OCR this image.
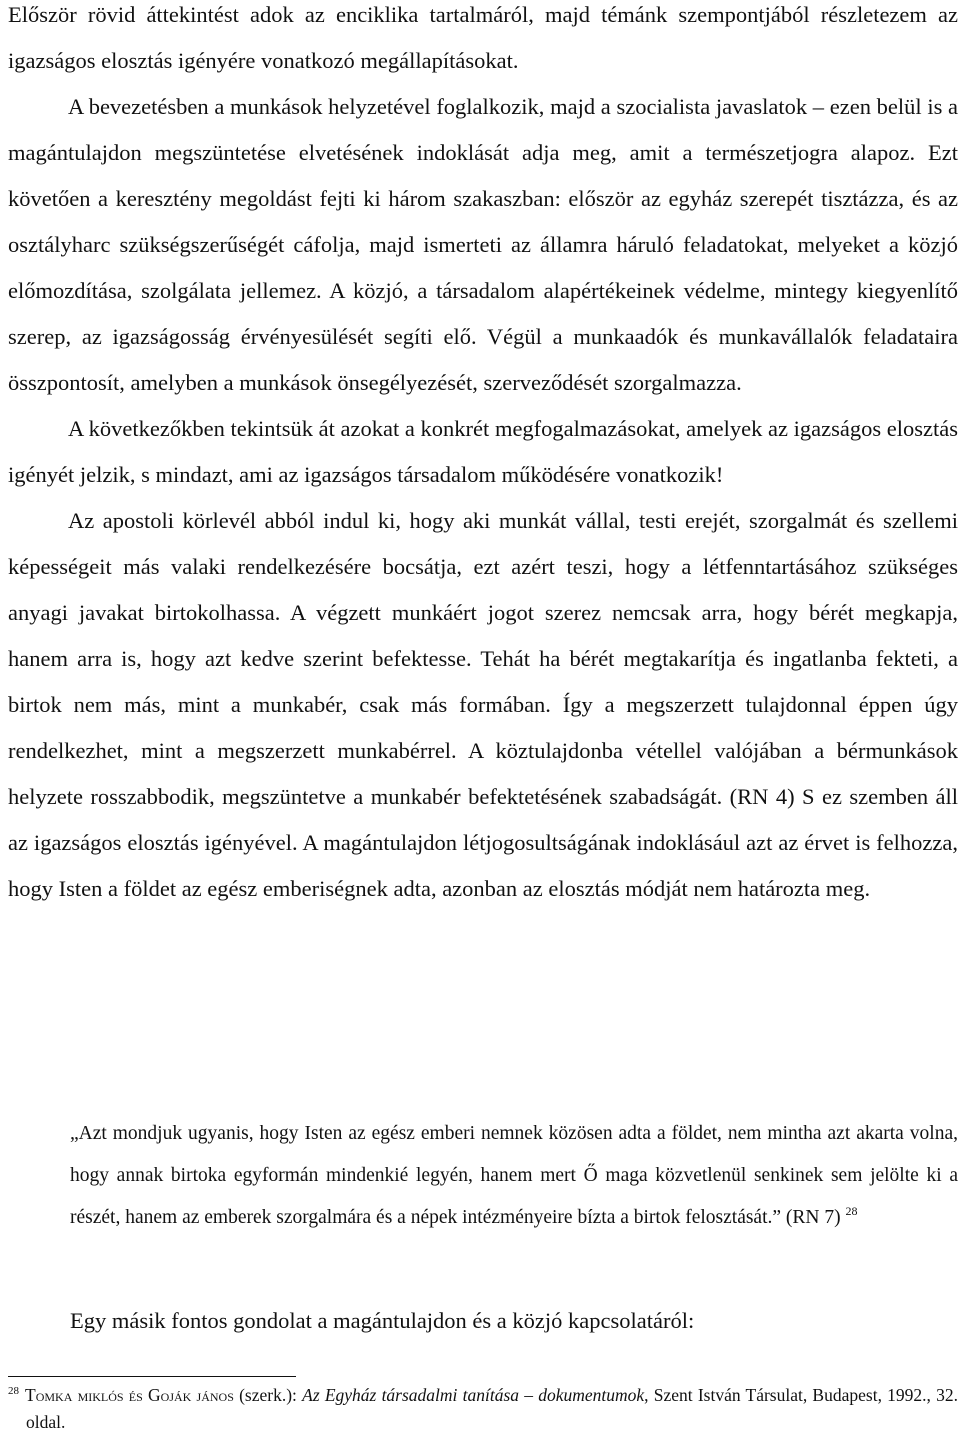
Először rövid áttekintést adok az enciklika tartalmáról, majd témánk szempontjából részletezem az igazságos elosztás igényére vonatkozó megállapításokat.

A bevezetésben a munkások helyzetével foglalkozik, majd a szocialista javaslatok – ezen belül is a magántulajdon megszüntetése elvetésének indoklását adja meg, amit a természetjogra alapoz. Ezt követően a keresztény megoldást fejti ki három szakaszban: először az egyház szerepét tisztázza, és az osztályharc szükségszerűségét cáfolja, majd ismerteti az államra háruló feladatokat, melyeket a közjó előmozdítása, szolgálata jellemez. A közjó, a társadalom alapértékeinek védelme, mintegy kiegyenlítő szerep, az igazságosság érvényesülését segíti elő. Végül a munkaadók és munkavállalók feladataira összpontosít, amelyben a munkások önsegélyezését, szerveződését szorgalmazza.

A következőkben tekintsük át azokat a konkrét megfogalmazásokat, amelyek az igazságos elosztás igényét jelzik, s mindazt, ami az igazságos társadalom működésére vonatkozik!

Az apostoli körlevél abból indul ki, hogy aki munkát vállal, testi erejét, szorgalmát és szellemi képességeit más valaki rendelkezésére bocsátja, ezt azért teszi, hogy a létfenntartásához szükséges anyagi javakat birtokolhassa. A végzett munkáért jogot szerez nemcsak arra, hogy bérét megkapja, hanem arra is, hogy azt kedve szerint befektesse. Tehát ha bérét megtakarítja és ingatlanba fekteti, a birtok nem más, mint a munkabér, csak más formában. Így a megszerzett tulajdonnal éppen úgy rendelkezhet, mint a megszerzett munkabérrel. A köztulajdonba vétellel valójában a bérmunkások helyzete rosszabbodik, megszüntetve a munkabér befektetésének szabadságát. (RN 4) S ez szemben áll az igazságos elosztás igényével. A magántulajdon létjogosultságának indoklásául azt az érvet is felhozza, hogy Isten a földet az egész emberiségnek adta, azonban az elosztás módját nem határozta meg.

„Azt mondjuk ugyanis, hogy Isten az egész emberi nemnek közösen adta a földet, nem mintha azt akarta volna, hogy annak birtoka egyformán mindenkié legyén, hanem mert Ő maga közvetlenül senkinek sem jelölte ki a részét, hanem az emberek szorgalmára és a népek intézményeire bízta a birtok felosztását.” (RN 7) $^{28}$

Egy másik fontos gondolat a magántulajdon és a közjó kapcsolatáról:

$^{28}$ Tomka miklós és Goják jános (szerk.): Az Egyház társadalmi tanítása – dokumentumok, Szent István Társulat, Budapest, 1992., 32. oldal.
